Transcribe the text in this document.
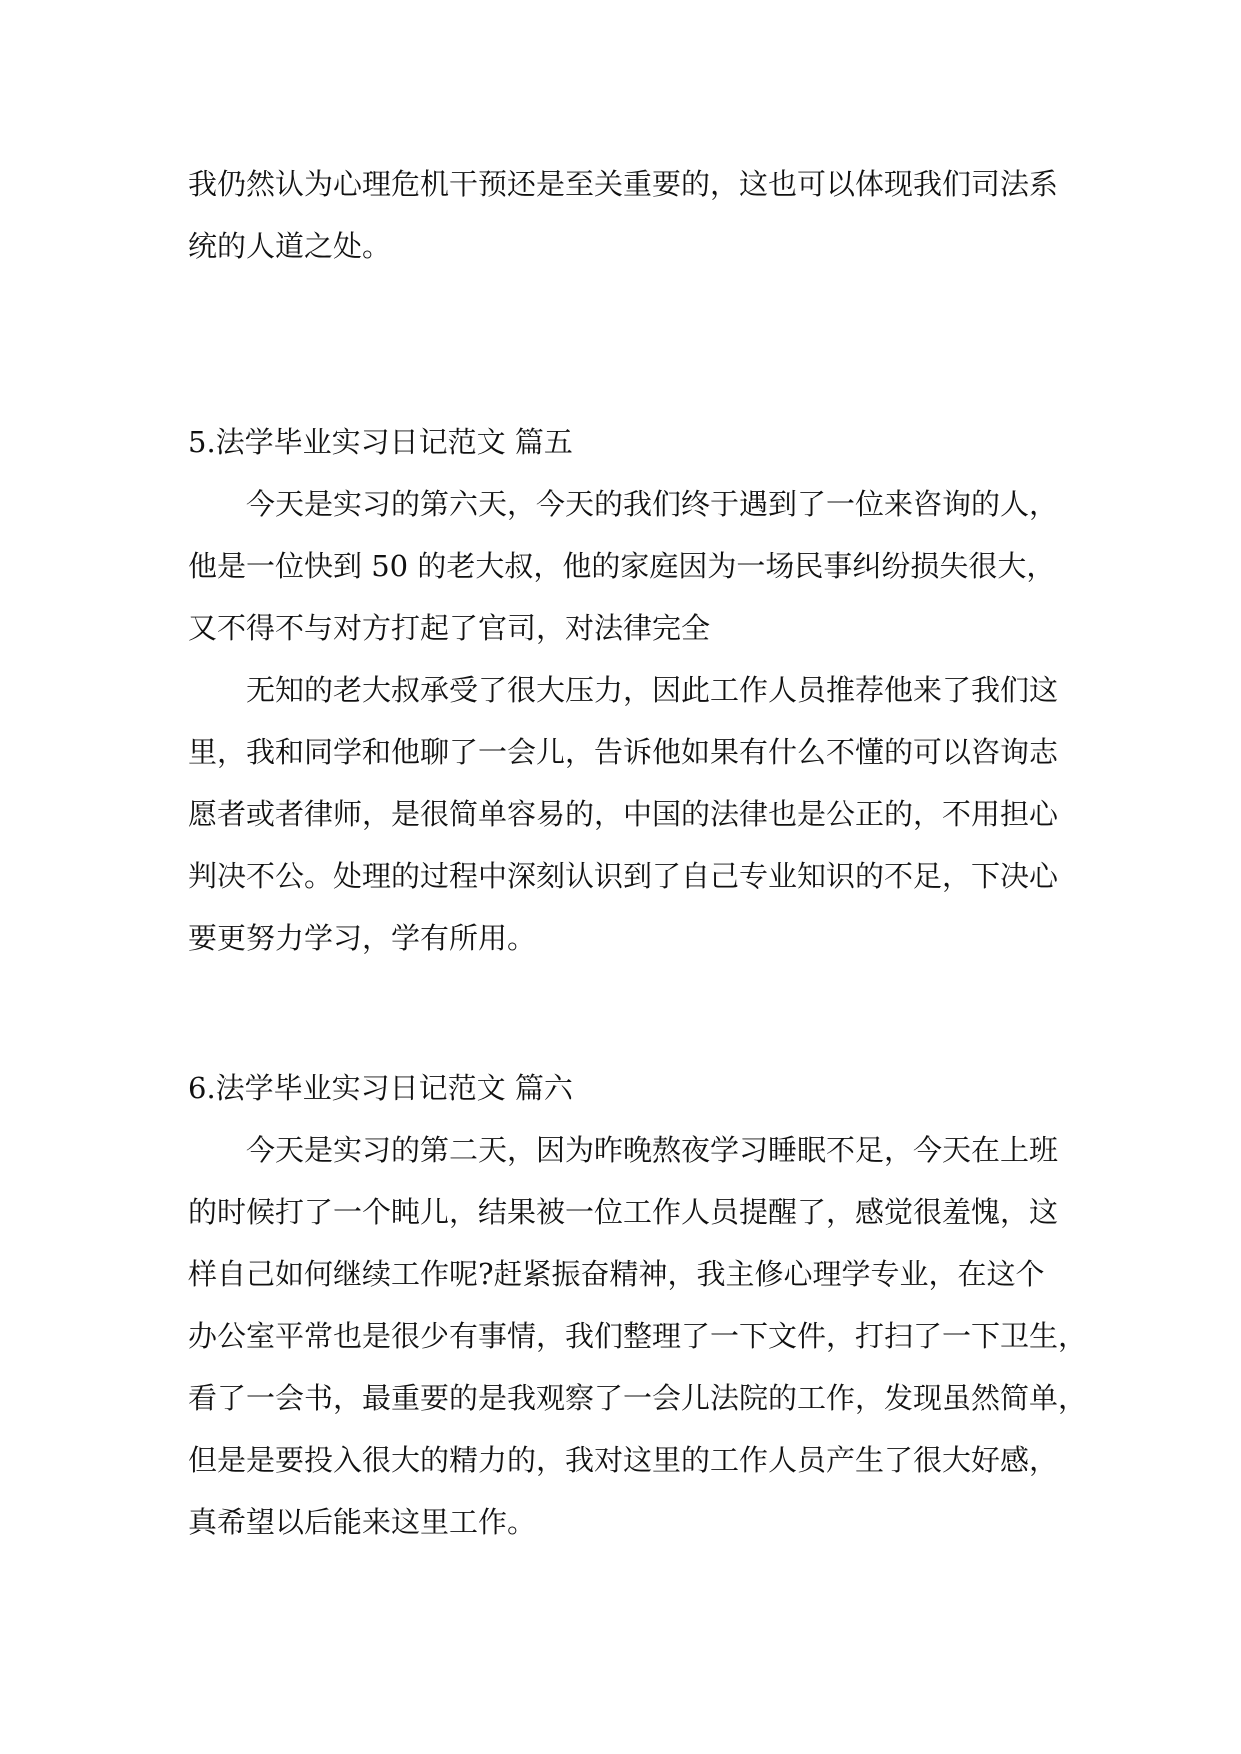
我仍然认为心理危机干预还是至关重要的，这也可以体现我们司法系
统的人道之处。
5.法学毕业实习日记范文 篇五
今天是实习的第六天，今天的我们终于遇到了一位来咨询的人，
他是一位快到 50 的老大叔，他的家庭因为一场民事纠纷损失很大，
又不得不与对方打起了官司，对法律完全
无知的老大叔承受了很大压力，因此工作人员推荐他来了我们这
里，我和同学和他聊了一会儿，告诉他如果有什么不懂的可以咨询志
愿者或者律师，是很简单容易的，中国的法律也是公正的，不用担心
判决不公。处理的过程中深刻认识到了自己专业知识的不足，下决心
要更努力学习，学有所用。
6.法学毕业实习日记范文 篇六
今天是实习的第二天，因为昨晚熬夜学习睡眠不足，今天在上班
的时候打了一个盹儿，结果被一位工作人员提醒了，感觉很羞愧，这
样自己如何继续工作呢?赶紧振奋精神，我主修心理学专业，在这个
办公室平常也是很少有事情，我们整理了一下文件，打扫了一下卫生，
看了一会书，最重要的是我观察了一会儿法院的工作，发现虽然简单，
但是是要投入很大的精力的，我对这里的工作人员产生了很大好感，
真希望以后能来这里工作。
